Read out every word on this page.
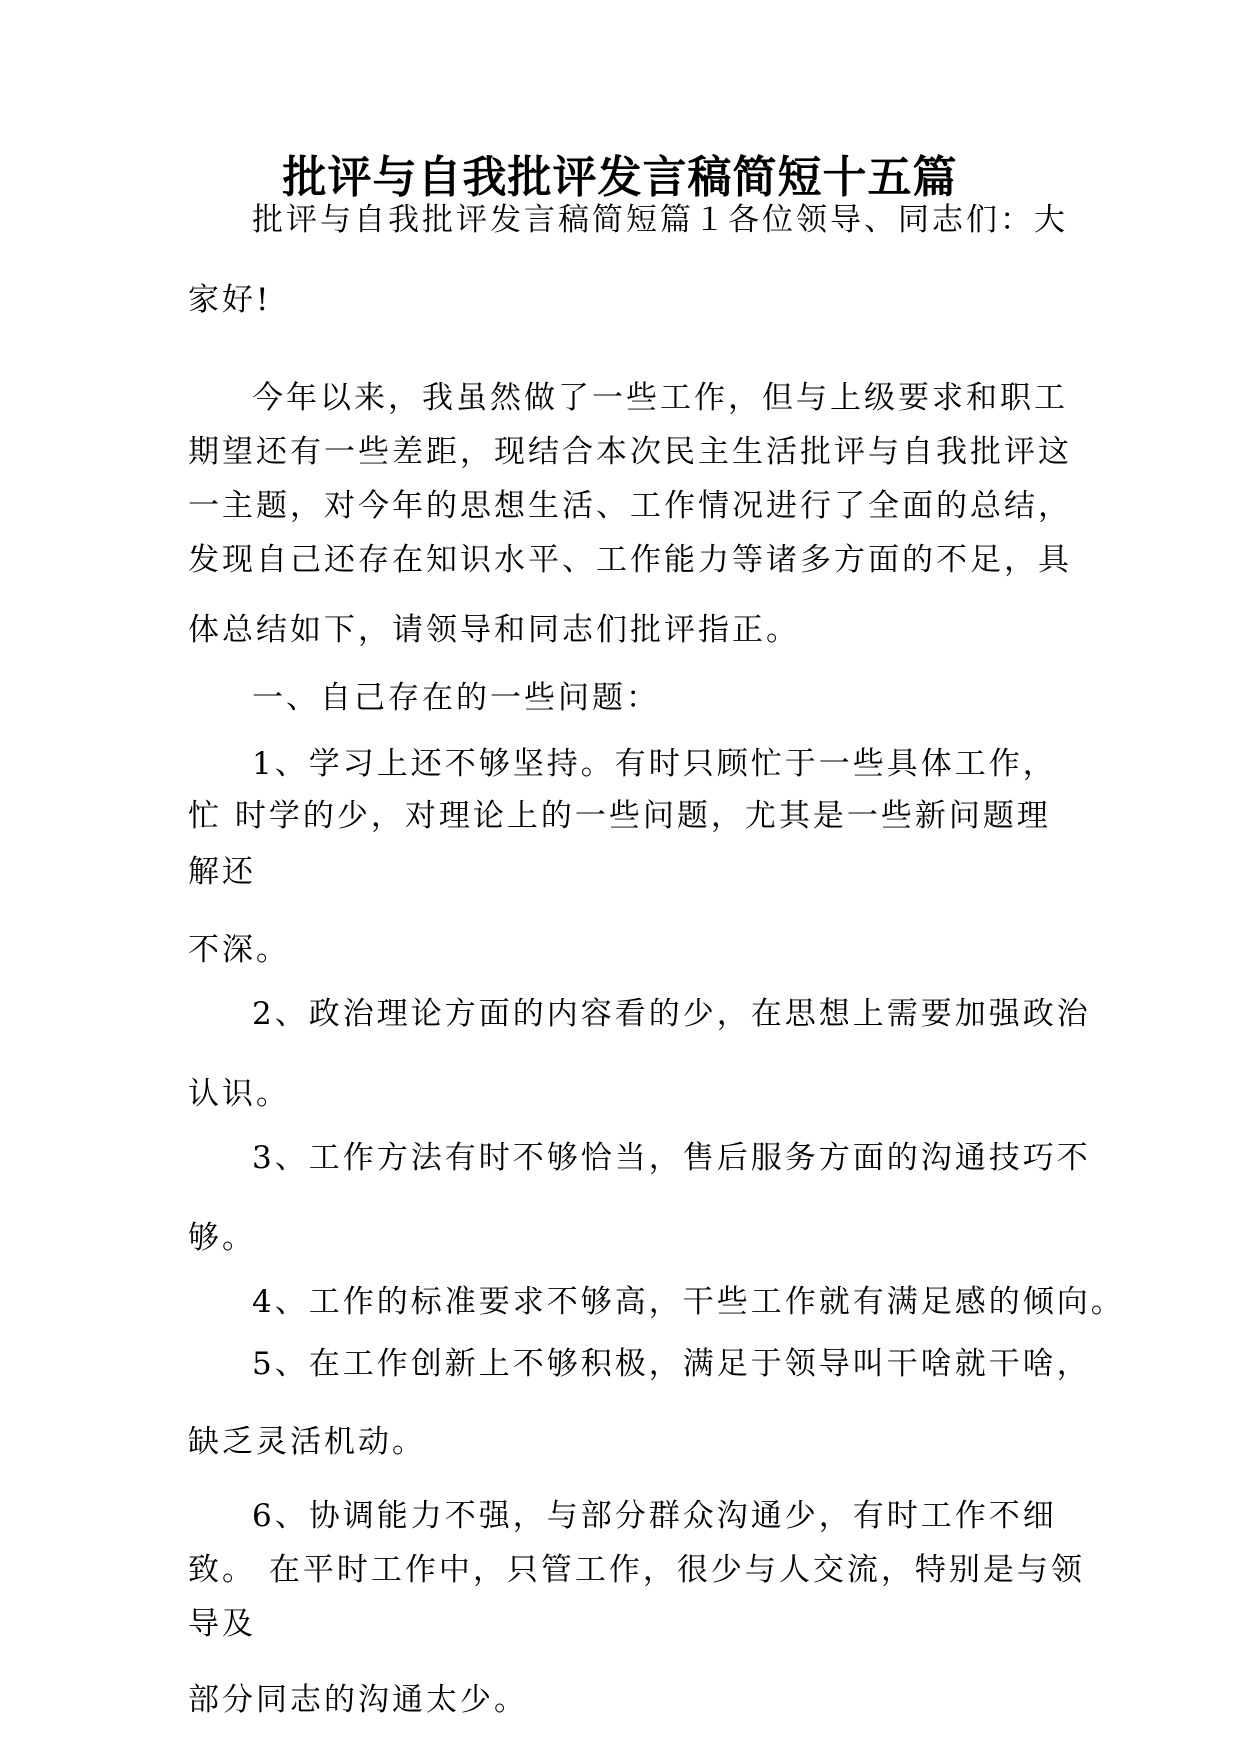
批评与自我批评发言稿简短十五篇

批评与自我批评发言稿简短篇１各位领导、同志们：大

家好!

今年以来，我虽然做了一些工作，但与上级要求和职工

期望还有一些差距，现结合本次民主生活批评与自我批评这

一主题，对今年的思想生活、工作情况进行了全面的总结，

发现自己还存在知识水平、工作能力等诸多方面的不足，具

体总结如下，请领导和同志们批评指正。

一、自己存在的一些问题：

1、学习上还不够坚持。有时只顾忙于一些具体工作，

忙 时学的少，对理论上的一些问题，尤其是一些新问题理

解还

不深。

2、政治理论方面的内容看的少，在思想上需要加强政治

认识。

3、工作方法有时不够恰当，售后服务方面的沟通技巧不

够。

4、工作的标准要求不够高，干些工作就有满足感的倾向。

5、在工作创新上不够积极，满足于领导叫干啥就干啥，

缺乏灵活机动。

6、协调能力不强，与部分群众沟通少，有时工作不细

致。 在平时工作中，只管工作，很少与人交流，特别是与领

导及

部分同志的沟通太少。
